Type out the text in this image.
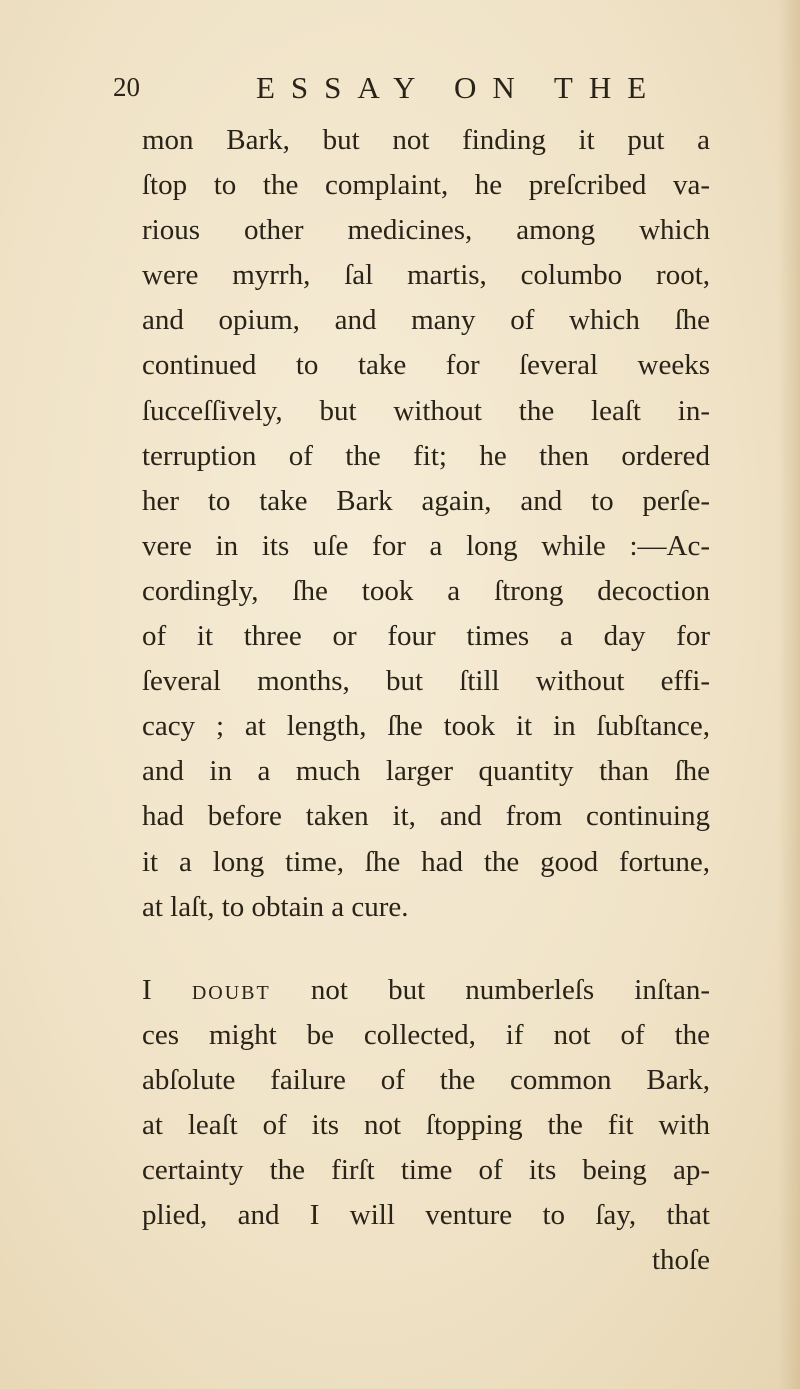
20	ESSAY ON THE
mon Bark, but not finding it put a
ſtop to the complaint, he preſcribed va-
rious other medicines, among which
were myrrh, ſal martis, columbo root,
and opium, and many of which ſhe
continued to take for ſeveral weeks
ſucceſſively, but without the leaſt in-
terruption of the fit; he then ordered
her to take Bark again, and to perſe-
vere in its uſe for a long while :—Ac-
cordingly, ſhe took a ſtrong decoction
of it three or four times a day for
ſeveral months, but ſtill without effi-
cacy ; at length, ſhe took it in ſubſtance,
and in a much larger quantity than ſhe
had before taken it, and from continuing
it a long time, ſhe had the good fortune,
at laſt, to obtain a cure.
I doubt not but numberleſs inſtan-
ces might be collected, if not of the
abſolute failure of the common Bark,
at leaſt of its not ſtopping the fit with
certainty the firſt time of its being ap-
plied, and I will venture to ſay, that
thoſe
